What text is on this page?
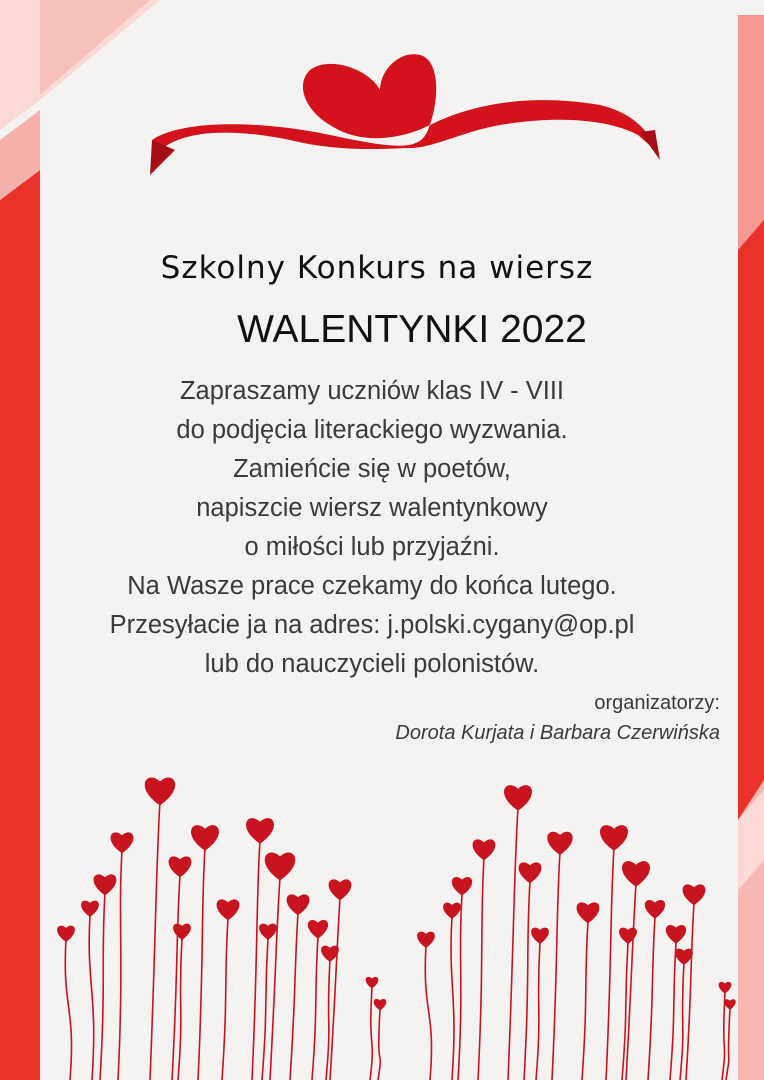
Szkolny Konkurs na wiersz
WALENTYNKI 2022
Zapraszamy uczniów klas IV - VIII
do podjęcia literackiego wyzwania.
Zamieńcie się w poetów,
napiszcie wiersz walentynkowy
o miłości lub przyjaźni.
Na Wasze prace czekamy do końca lutego.
Przesyłacie ja na adres: j.polski.cygany@op.pl
lub do nauczycieli polonistów.
organizatorzy:
Dorota Kurjata i Barbara Czerwińska
